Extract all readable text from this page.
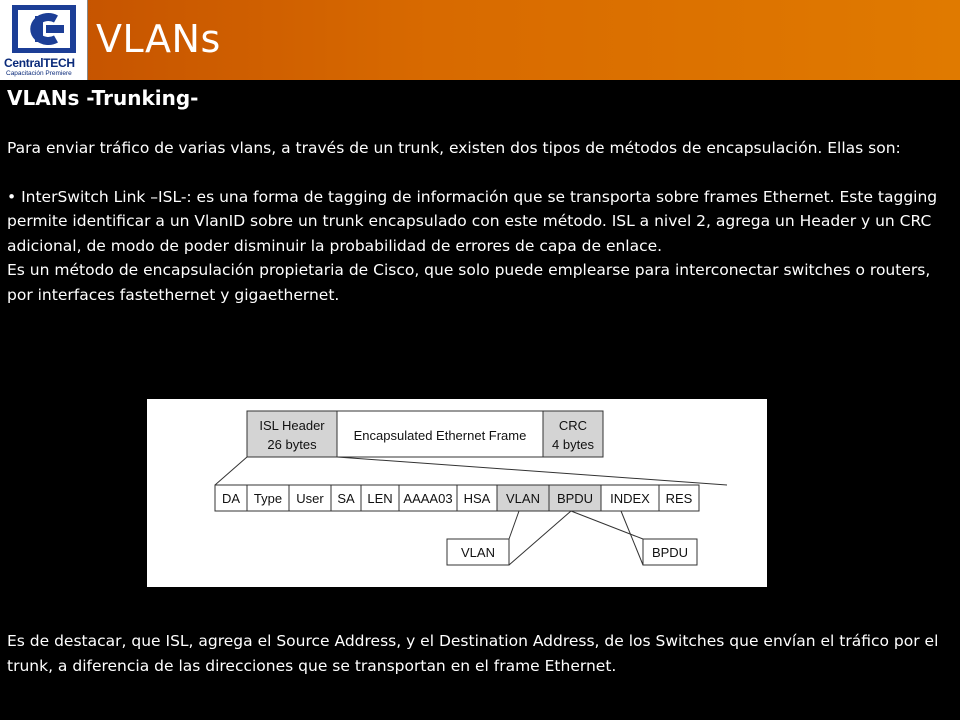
CentralTECH
Capacitación Premiere
VLANs
VLANs -Trunking-

Para enviar tráfico de varias vlans, a través de un trunk, existen dos tipos de métodos de encapsulación. Ellas son:

• InterSwitch Link –ISL-: es una forma de tagging de información que se transporta sobre frames Ethernet. Este tagging permite identificar a un VlanID sobre un trunk encapsulado con este método. ISL a nivel 2, agrega un Header y un CRC adicional, de modo de poder disminuir la probabilidad de errores de capa de enlace.

Es un método de encapsulación propietaria de Cisco, que solo puede emplearse para interconectar switches o routers, por interfaces fastethernet y gigaethernet.

ISL Header
26 bytes
Encapsulated Ethernet Frame
CRC
4 bytes
DA Type User SA LEN AAAA03 HSA VLAN BPDU INDEX RES
VLAN	BPDU

Es de destacar, que ISL, agrega el Source Address, y el Destination Address, de los Switches que envían el tráfico por el trunk, a diferencia de las direcciones que se transportan en el frame Ethernet.
